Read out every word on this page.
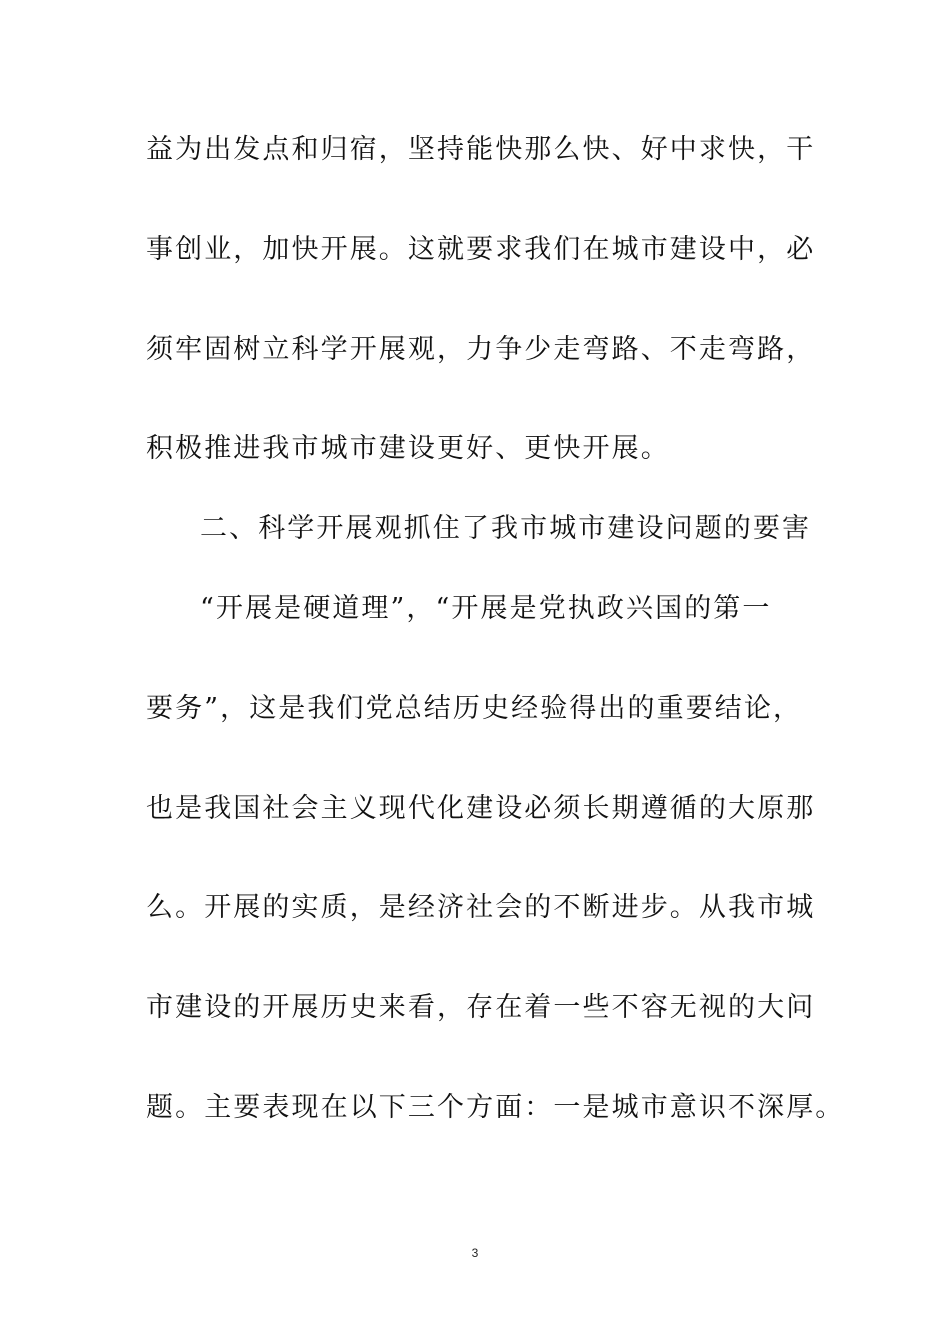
益为出发点和归宿，坚持能快那么快、好中求快，干
事创业，加快开展。这就要求我们在城市建设中，必
须牢固树立科学开展观，力争少走弯路、不走弯路，
积极推进我市城市建设更好、更快开展。
二、科学开展观抓住了我市城市建设问题的要害
“开展是硬道理”，“开展是党执政兴国的第一
要务”，这是我们党总结历史经验得出的重要结论，
也是我国社会主义现代化建设必须长期遵循的大原那
么。开展的实质，是经济社会的不断进步。从我市城
市建设的开展历史来看，存在着一些不容无视的大问
题。主要表现在以下三个方面：一是城市意识不深厚。
3
